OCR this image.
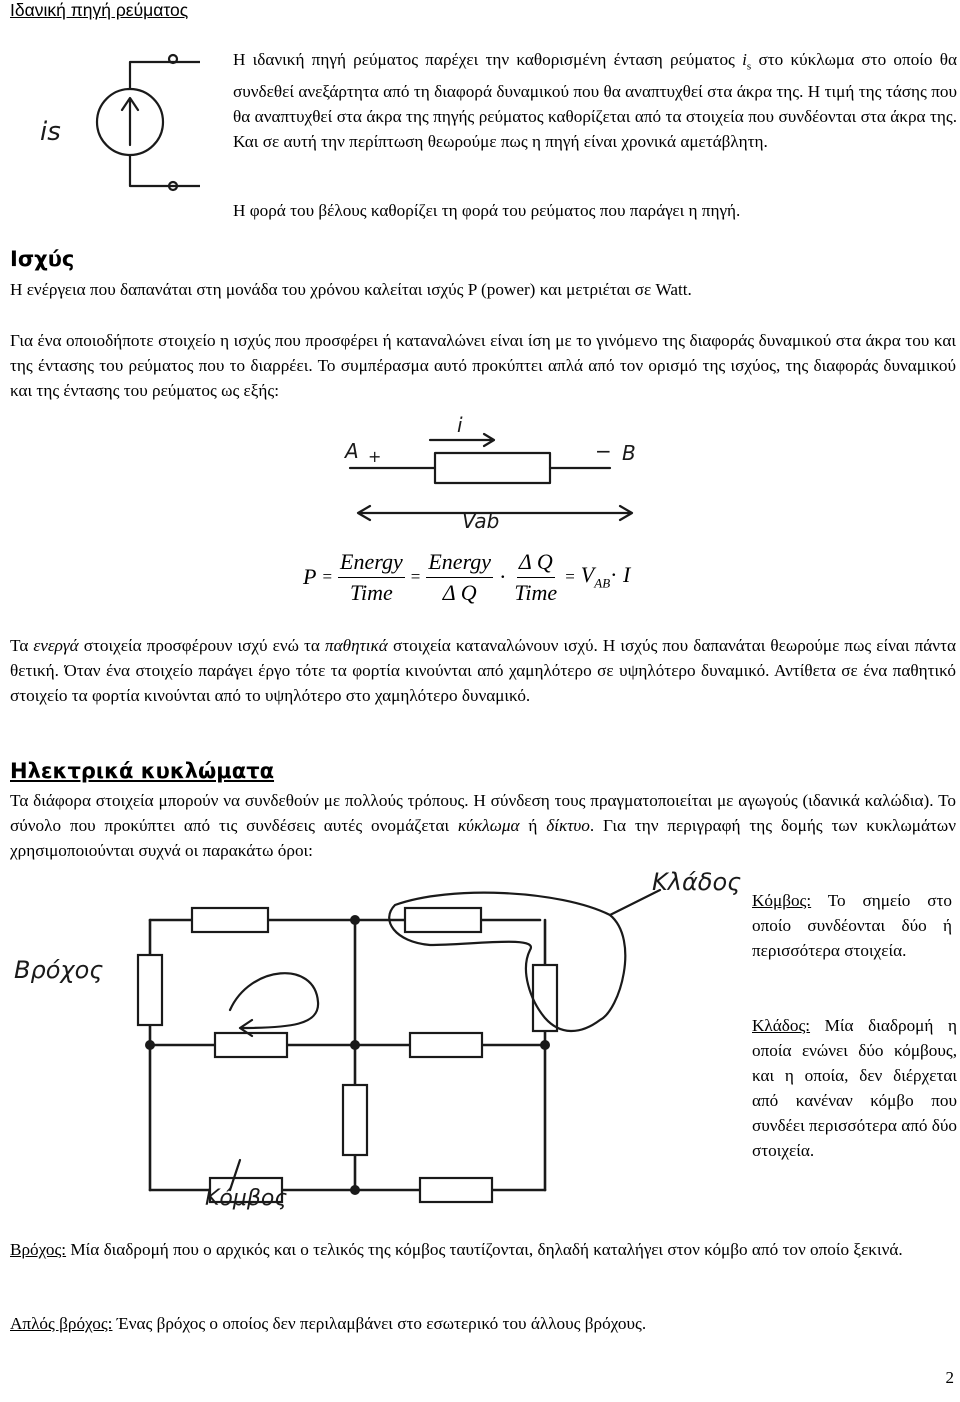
Ιδανική πηγή ρεύματος
is
Η ιδανική πηγή ρεύματος παρέχει την καθορισμένη ένταση ρεύματος $i_s$ στο κύκλωμα στο οποίο θα συνδεθεί ανεξάρτητα από τη διαφορά δυναμικού που θα αναπτυχθεί στα άκρα της. Η τιμή της τάσης που θα αναπτυχθεί στα άκρα της πηγής ρεύματος καθορίζεται από τα στοιχεία που συνδέονται στα άκρα της. Και σε αυτή την περίπτωση θεωρούμε πως η πηγή είναι χρονικά αμετάβλητη.
Η φορά του βέλους καθορίζει τη φορά του ρεύματος που παράγει η πηγή.
Ισχύς
Η ενέργεια που δαπανάται στη μονάδα του χρόνου καλείται ισχύς P (power) και μετριέται σε Watt.
Για ένα οποιοδήποτε στοιχείο η ισχύς που προσφέρει ή καταναλώνει είναι ίση με το γινόμενο της διαφοράς δυναμικού στα άκρα του και της έντασης του ρεύματος που το διαρρέει. Το συμπέρασμα αυτό προκύπτει απλά από τον ορισμό της ισχύος, της διαφοράς δυναμικού και της έντασης του ρεύματος ως εξής:
A +	B
−
i
Vab
$P = \frac{\text{Energy}}{\text{Time}} = \frac{\text{Energy}}{\text{Δ Q}} \cdot \frac{\text{Δ Q}}{\text{Time}} = V_{AB}\cdot I$
Τα ενεργά στοιχεία προσφέρουν ισχύ ενώ τα παθητικά στοιχεία καταναλώνουν ισχύ. Η ισχύς που δαπανάται θεωρούμε πως είναι πάντα θετική. Όταν ένα στοιχείο παράγει έργο τότε τα φορτία κινούνται από χαμηλότερο σε υψηλότερο δυναμικό. Αντίθετα σε ένα παθητικό στοιχείο τα φορτία κινούνται από το υψηλότερο στο χαμηλότερο δυναμικό.
Ηλεκτρικά κυκλώματα
Τα διάφορα στοιχεία μπορούν να συνδεθούν με πολλούς τρόπους. Η σύνδεση τους πραγματοποιείται με αγωγούς (ιδανικά καλώδια). Το σύνολο που προκύπτει από τις συνδέσεις αυτές ονομάζεται κύκλωμα ή δίκτυο. Για την περιγραφή της δομής των κυκλωμάτων χρησιμοποιούνται συχνά οι παρακάτω όροι:
Κλάδος
Βρόχος
Κόμβος
Κόμβος: Το σημείο στο οποίο συνδέονται δύο ή περισσότερα στοιχεία.
Κλάδος: Μία διαδρομή η οποία ενώνει δύο κόμβους, και η οποία, δεν διέρχεται από κανέναν κόμβο που συνδέει περισσότερα από δύο στοιχεία.
Βρόχος: Μία διαδρομή που ο αρχικός και ο τελικός της κόμβος ταυτίζονται, δηλαδή καταλήγει στον κόμβο από τον οποίο ξεκινά.
Απλός βρόχος: Ένας βρόχος ο οποίος δεν περιλαμβάνει στο εσωτερικό του άλλους βρόχους.
2
